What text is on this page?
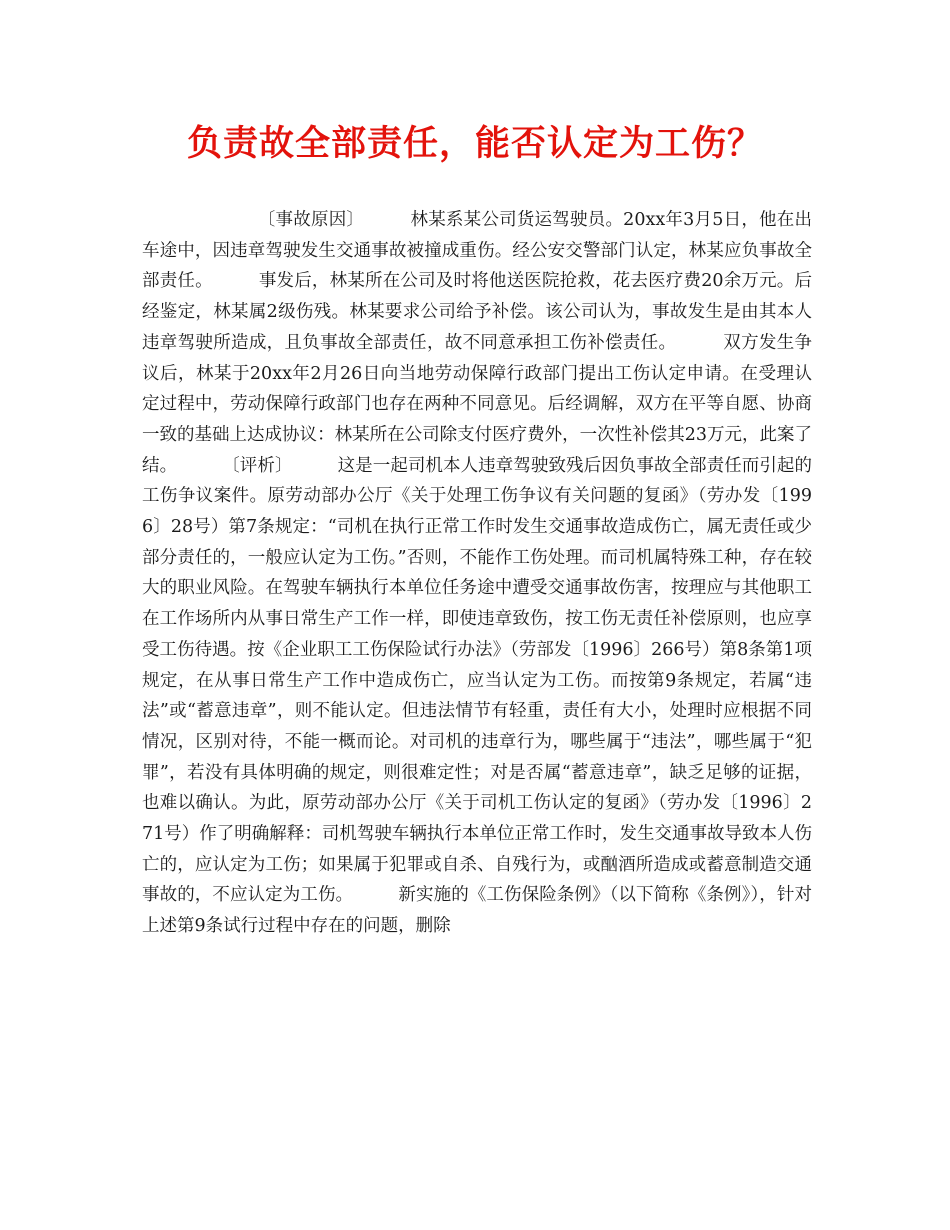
负责故全部责任，能否认定为工伤？

〔事故原因〕        林某系某公司货运驾驶员。20xx年3月5日，他在出车途中，因违章驾驶发生交通事故被撞成重伤。经公安交警部门认定，林某应负事故全部责任。        事发后，林某所在公司及时将他送医院抢救，花去医疗费20余万元。后经鉴定，林某属2级伤残。林某要求公司给予补偿。该公司认为，事故发生是由其本人违章驾驶所造成，且负事故全部责任，故不同意承担工伤补偿责任。        双方发生争议后，林某于20xx年2月26日向当地劳动保障行政部门提出工伤认定申请。在受理认定过程中，劳动保障行政部门也存在两种不同意见。后经调解，双方在平等自愿、协商一致的基础上达成协议：林某所在公司除支付医疗费外，一次性补偿其23万元，此案了结。        〔评析〕        这是一起司机本人违章驾驶致残后因负事故全部责任而引起的工伤争议案件。原劳动部办公厅《关于处理工伤争议有关问题的复函》（劳办发〔1996〕28号）第7条规定：“司机在执行正常工作时发生交通事故造成伤亡，属无责任或少部分责任的，一般应认定为工伤。”否则，不能作工伤处理。而司机属特殊工种，存在较大的职业风险。在驾驶车辆执行本单位任务途中遭受交通事故伤害，按理应与其他职工在工作场所内从事日常生产工作一样，即使违章致伤，按工伤无责任补偿原则，也应享受工伤待遇。按《企业职工工伤保险试行办法》（劳部发〔1996〕266号）第8条第1项规定，在从事日常生产工作中造成伤亡，应当认定为工伤。而按第9条规定，若属“违法”或“蓄意违章”，则不能认定。但违法情节有轻重，责任有大小，处理时应根据不同情况，区别对待，不能一概而论。对司机的违章行为，哪些属于“违法”，哪些属于“犯罪”，若没有具体明确的规定，则很难定性；对是否属“蓄意违章”，缺乏足够的证据，也难以确认。为此，原劳动部办公厅《关于司机工伤认定的复函》（劳办发〔1996〕271号）作了明确解释：司机驾驶车辆执行本单位正常工作时，发生交通事故导致本人伤亡的，应认定为工伤；如果属于犯罪或自杀、自残行为，或酗酒所造成或蓄意制造交通事故的，不应认定为工伤。        新实施的《工伤保险条例》（以下简称《条例》），针对上述第9条试行过程中存在的问题，删除
